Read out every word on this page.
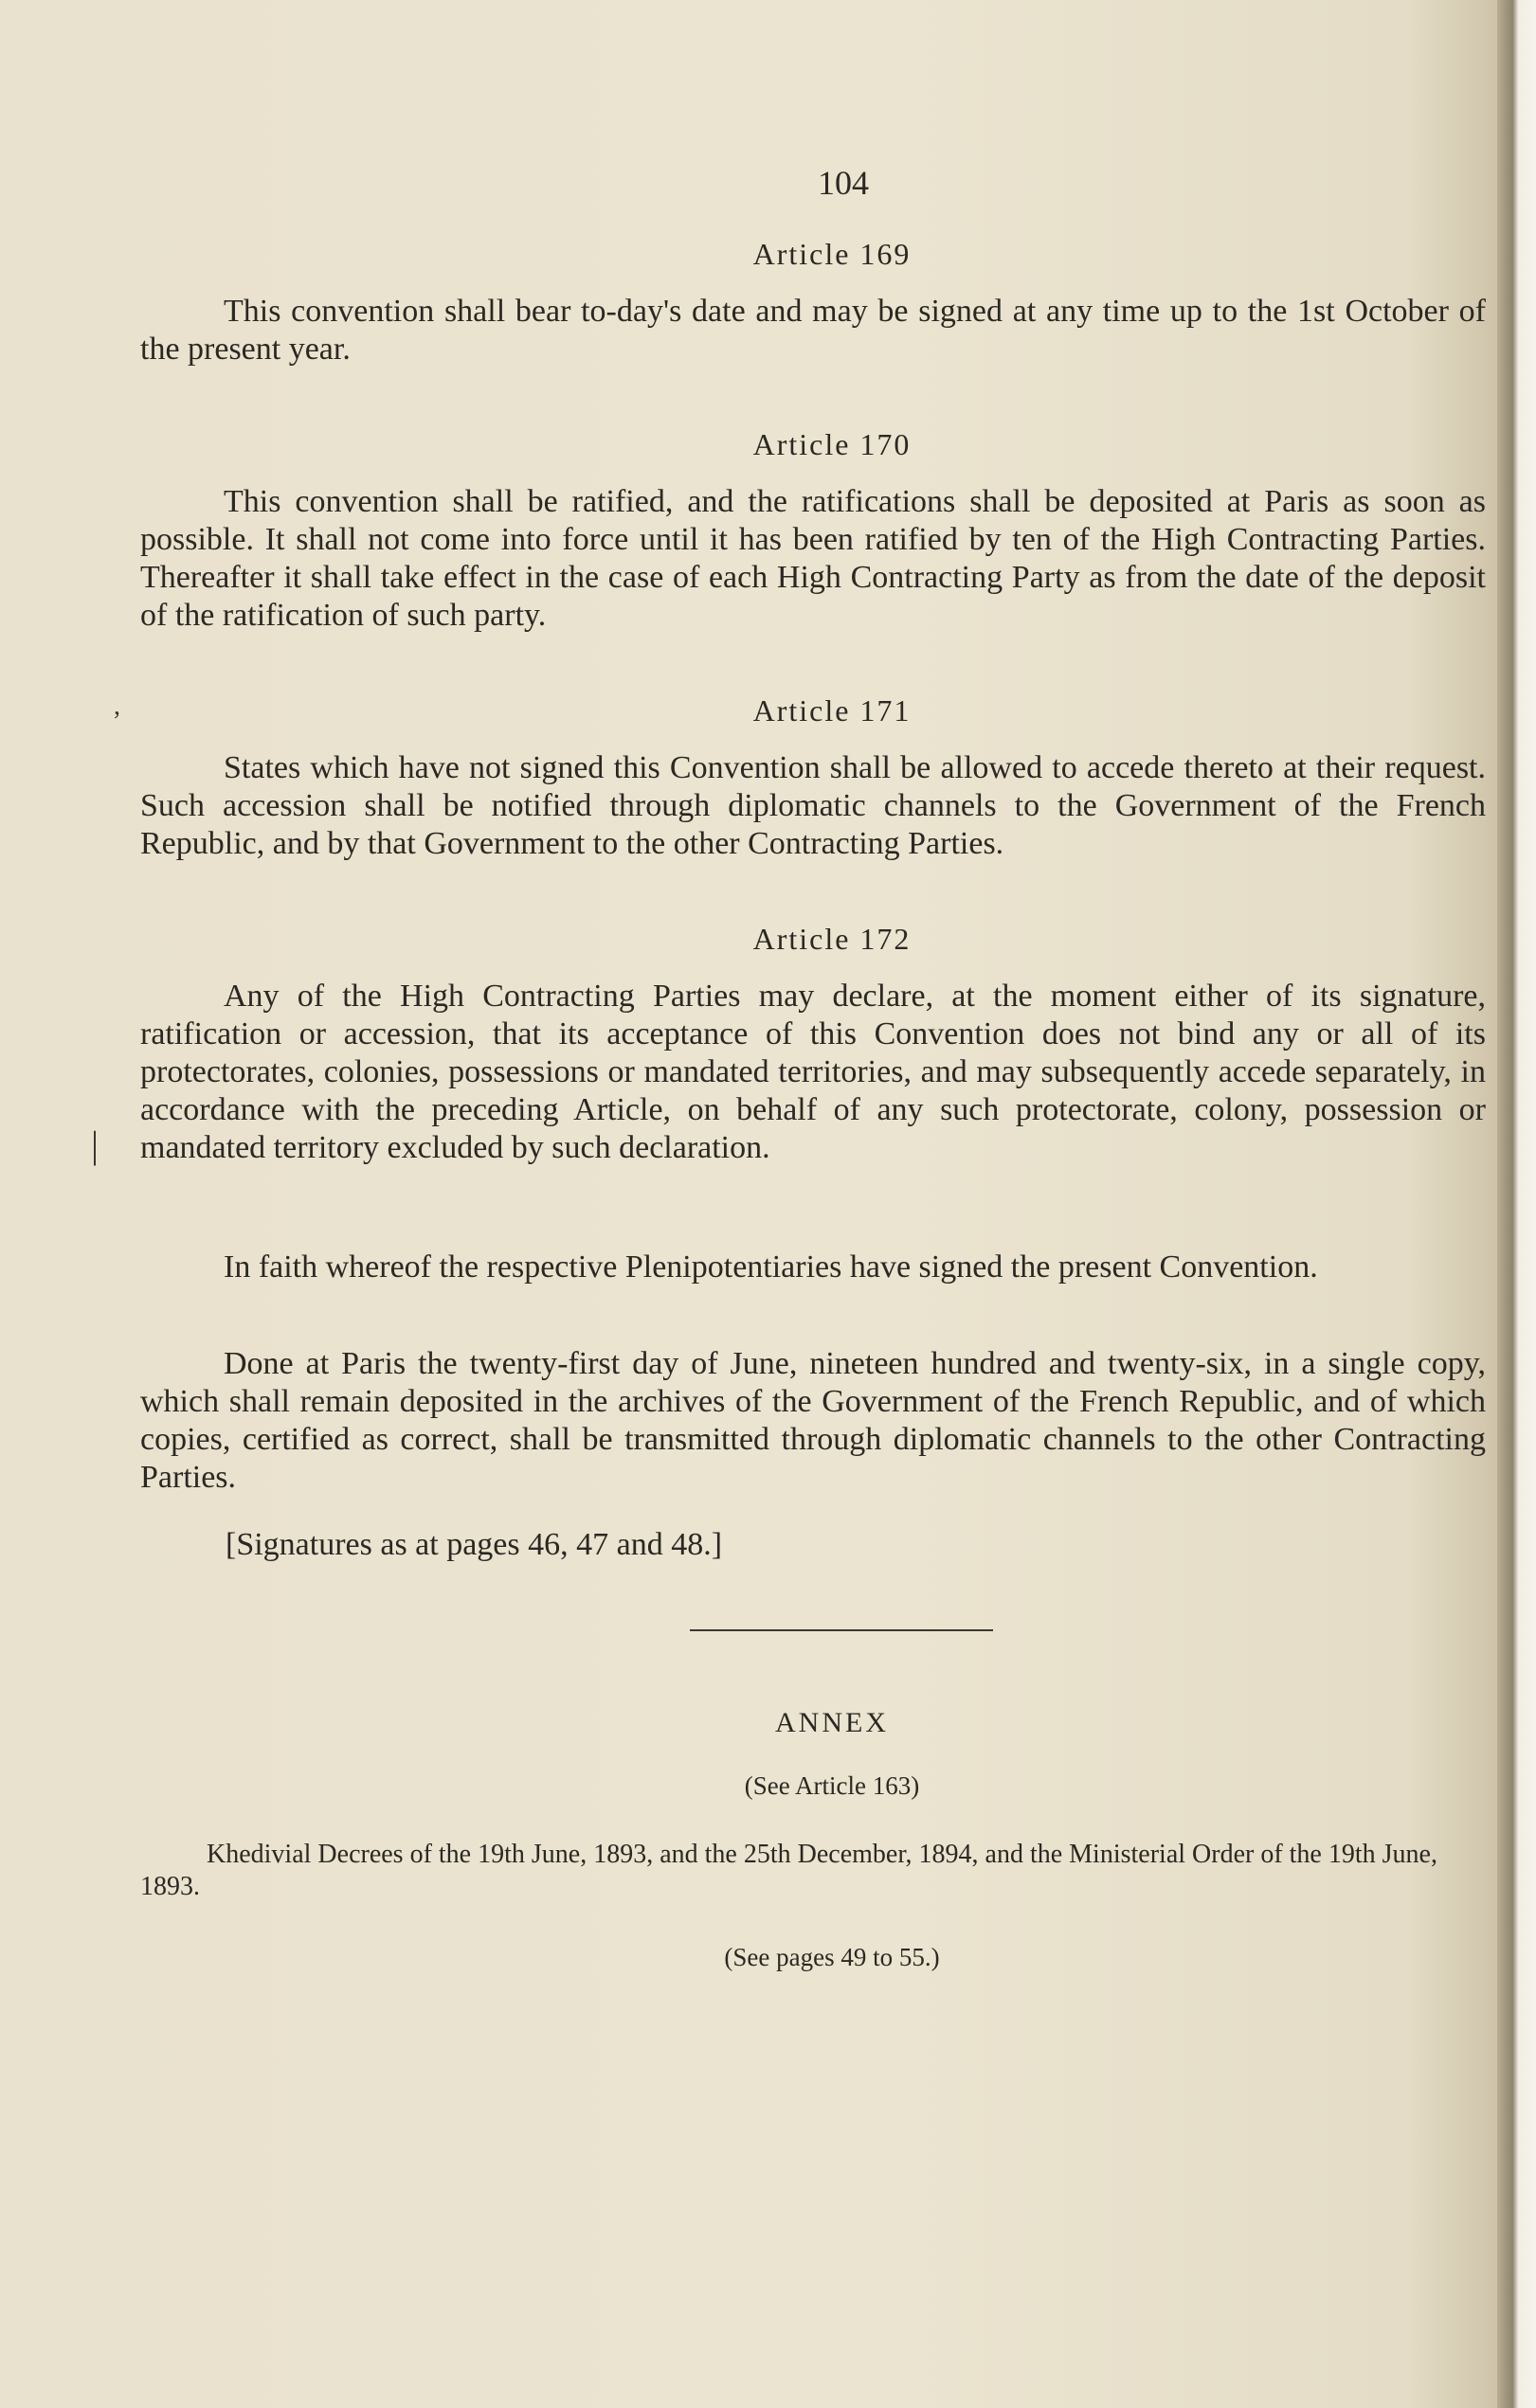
104
,
|
Article 169

This convention shall bear to-day's date and may be signed at any time up to the 1st October of the present year.

Article 170

This convention shall be ratified, and the ratifications shall be deposited at Paris as soon as possible. It shall not come into force until it has been ratified by ten of the High Contracting Parties. Thereafter it shall take effect in the case of each High Contracting Party as from the date of the deposit of the ratification of such party.

Article 171

States which have not signed this Convention shall be allowed to accede thereto at their request. Such accession shall be notified through diplomatic channels to the Government of the French Republic, and by that Government to the other Contracting Parties.

Article 172

Any of the High Contracting Parties may declare, at the moment either of its signature, ratification or accession, that its acceptance of this Convention does not bind any or all of its protectorates, colonies, possessions or mandated territories, and may subsequently accede separately, in accordance with the preceding Article, on behalf of any such protectorate, colony, possession or mandated territory excluded by such declaration.

In faith whereof the respective Plenipotentiaries have signed the present Convention.

Done at Paris the twenty-first day of June, nineteen hundred and twenty-six, in a single copy, which shall remain deposited in the archives of the Government of the French Republic, and of which copies, certified as correct, shall be transmitted through diplomatic channels to the other Contracting Parties.

[Signatures as at pages 46, 47 and 48.]
ANNEX
(See Article 163)

Khedivial Decrees of the 19th June, 1893, and the 25th December, 1894, and the Ministerial Order of the 19th June, 1893.

(See pages 49 to 55.)
